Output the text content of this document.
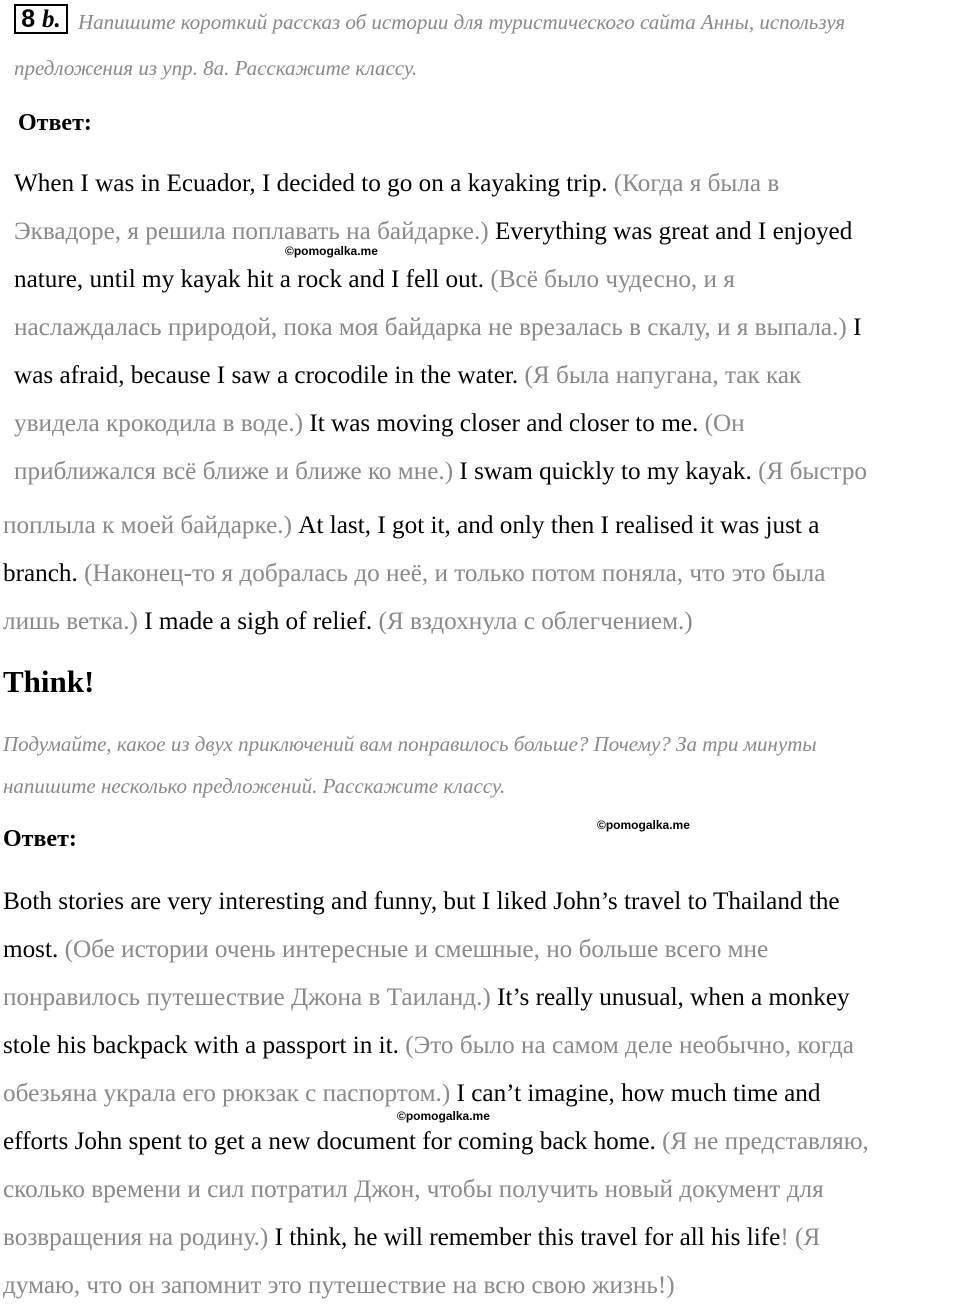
8 b. Напишите короткий рассказ об истории для туристического сайта Анны, используя
предложения из упр. 8а. Расскажите классу.
Ответ:
When I was in Ecuador, I decided to go on a kayaking trip. (Когда я была в
Эквадоре, я решила поплавать на байдарке.) Everything was great and I enjoyed
nature, until my kayak hit a rock and I fell out. (Всё было чудесно, и я
наслаждалась природой, пока моя байдарка не врезалась в скалу, и я выпала.) I
was afraid, because I saw a crocodile in the water. (Я была напугана, так как
увидела крокодила в воде.) It was moving closer and closer to me. (Он
приближался всё ближе и ближе ко мне.) I swam quickly to my kayak. (Я быстро
поплыла к моей байдарке.) At last, I got it, and only then I realised it was just a
branch. (Наконец-то я добралась до неё, и только потом поняла, что это была
лишь ветка.) I made a sigh of relief. (Я вздохнула с облегчением.)
©pomogalka.me
Think!
Подумайте, какое из двух приключений вам понравилось больше? Почему? За три минуты
напишите несколько предложений. Расскажите классу.
Ответ:
©pomogalka.me
Both stories are very interesting and funny, but I liked John’s travel to Thailand the
most. (Обе истории очень интересные и смешные, но больше всего мне
понравилось путешествие Джона в Таиланд.) It’s really unusual, when a monkey
stole his backpack with a passport in it. (Это было на самом деле необычно, когда
обезьяна украла его рюкзак с паспортом.) I can’t imagine, how much time and
efforts John spent to get a new document for coming back home. (Я не представляю,
сколько времени и сил потратил Джон, чтобы получить новый документ для
возвращения на родину.) I think, he will remember this travel for all his life! (Я
думаю, что он запомнит это путешествие на всю свою жизнь!)
©pomogalka.me
